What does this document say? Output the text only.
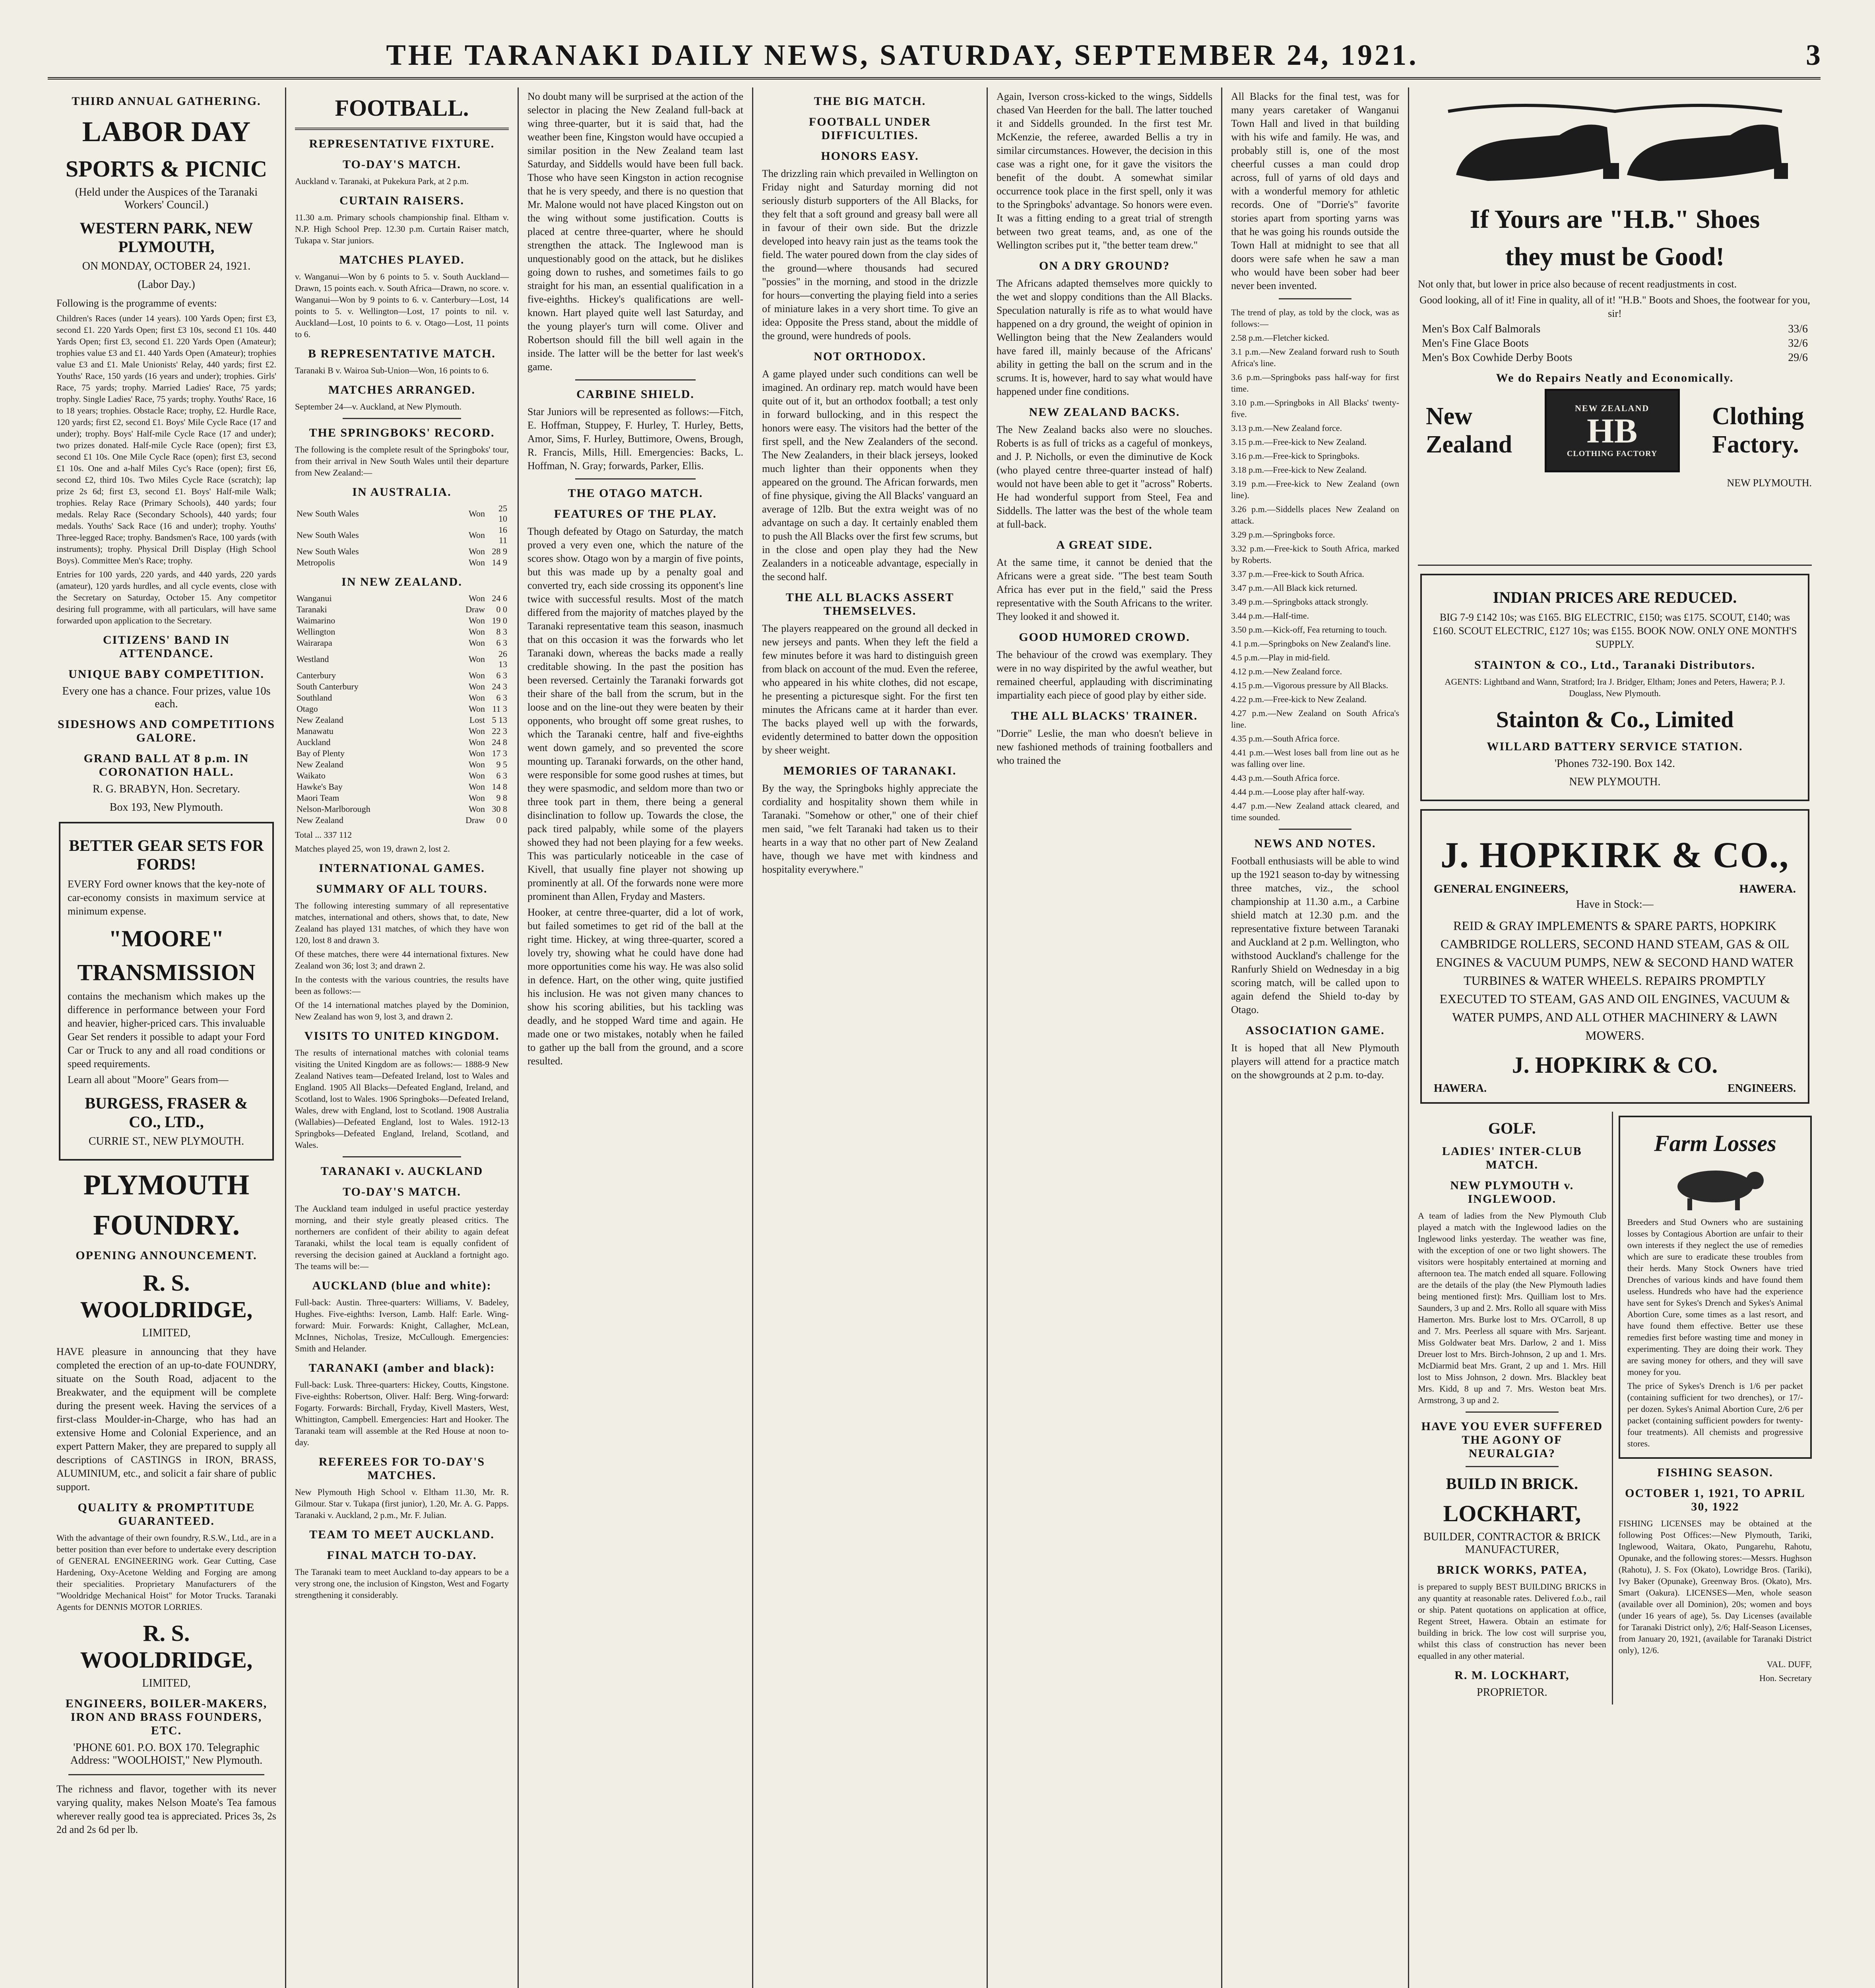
THE TARANAKI DAILY NEWS, SATURDAY, SEPTEMBER 24, 1921.	3
THIRD ANNUAL GATHERING.
LABOR DAY
SPORTS & PICNIC
(Held under the Auspices of the Taranaki Workers' Council.)
WESTERN PARK, NEW PLYMOUTH,
ON MONDAY, OCTOBER 24, 1921.
(Labor Day.)
Following is the programme of events:
Children's Races (under 14 years). 100 Yards Open; first £3, second £1. 220 Yards Open; first £3 10s, second £1 10s. 440 Yards Open; first £3, second £1. 220 Yards Open (Amateur); trophies value £3 and £1. 440 Yards Open (Amateur); trophies value £3 and £1. Male Unionists' Relay, 440 yards; first £2. Youths' Race, 150 yards (16 years and under); trophies. Girls' Race, 75 yards; trophy. Married Ladies' Race, 75 yards; trophy. Single Ladies' Race, 75 yards; trophy. Youths' Race, 16 to 18 years; trophies. Obstacle Race; trophy, £2. Hurdle Race, 120 yards; first £2, second £1. Boys' Mile Cycle Race (17 and under); trophy. Boys' Half-mile Cycle Race (17 and under); two prizes donated. Half-mile Cycle Race (open); first £3, second £1 10s. One Mile Cycle Race (open); first £3, second £1 10s. One and a-half Miles Cyc's Race (open); first £6, second £2, third 10s. Two Miles Cycle Race (scratch); lap prize 2s 6d; first £3, second £1. Boys' Half-mile Walk; trophies. Relay Race (Primary Schools), 440 yards; four medals. Relay Race (Secondary Schools), 440 yards; four medals. Youths' Sack Race (16 and under); trophy. Youths' Three-legged Race; trophy. Bandsmen's Race, 100 yards (with instruments); trophy. Physical Drill Display (High School Boys). Committee Men's Race; trophy.
Entries for 100 yards, 220 yards, and 440 yards, 220 yards (amateur), 120 yards hurdles, and all cycle events, close with the Secretary on Saturday, October 15. Any competitor desiring full programme, with all particulars, will have same forwarded upon application to the Secretary.
CITIZENS' BAND IN ATTENDANCE.
UNIQUE BABY COMPETITION.
Every one has a chance. Four prizes, value 10s each.
SIDESHOWS AND COMPETITIONS GALORE.
GRAND BALL AT 8 p.m. IN CORONATION HALL.
R. G. BRABYN, Hon. Secretary.
Box 193, New Plymouth.
BETTER GEAR SETS FOR FORDS!
EVERY Ford owner knows that the key-note of car-economy consists in maximum service at minimum expense.
"MOORE"
TRANSMISSION
contains the mechanism which makes up the difference in performance between your Ford and heavier, higher-priced cars. This invaluable Gear Set renders it possible to adapt your Ford Car or Truck to any and all road conditions or speed requirements.
Learn all about "Moore" Gears from—
BURGESS, FRASER & CO., LTD.,
CURRIE ST., NEW PLYMOUTH.
PLYMOUTH
FOUNDRY.
OPENING ANNOUNCEMENT.
R. S. WOOLDRIDGE,
LIMITED,
HAVE pleasure in announcing that they have completed the erection of an up-to-date FOUNDRY, situate on the South Road, adjacent to the Breakwater, and the equipment will be complete during the present week. Having the services of a first-class Moulder-in-Charge, who has had an extensive Home and Colonial Experience, and an expert Pattern Maker, they are prepared to supply all descriptions of CASTINGS in IRON, BRASS, ALUMINIUM, etc., and solicit a fair share of public support.
QUALITY & PROMPTITUDE GUARANTEED.
With the advantage of their own foundry, R.S.W., Ltd., are in a better position than ever before to undertake every description of GENERAL ENGINEERING work. Gear Cutting, Case Hardening, Oxy-Acetone Welding and Forging are among their specialities. Proprietary Manufacturers of the "Wooldridge Mechanical Hoist" for Motor Trucks. Taranaki Agents for DENNIS MOTOR LORRIES.
R. S. WOOLDRIDGE,
LIMITED,
ENGINEERS, BOILER-MAKERS, IRON AND BRASS FOUNDERS, ETC.
'PHONE 601. P.O. BOX 170. Telegraphic Address: "WOOLHOIST," New Plymouth.
The richness and flavor, together with its never varying quality, makes Nelson Moate's Tea famous wherever really good tea is appreciated. Prices 3s, 2s 2d and 2s 6d per lb.
FOOTBALL.
REPRESENTATIVE FIXTURE.
TO-DAY'S MATCH.
Auckland v. Taranaki, at Pukekura Park, at 2 p.m.
CURTAIN RAISERS.
11.30 a.m. Primary schools championship final. Eltham v. N.P. High School Prep. 12.30 p.m. Curtain Raiser match, Tukapa v. Star juniors.
MATCHES PLAYED.
v. Wanganui—Won by 6 points to 5. v. South Auckland—Drawn, 15 points each. v. South Africa—Drawn, no score. v. Wanganui—Won by 9 points to 6. v. Canterbury—Lost, 14 points to 5. v. Wellington—Lost, 17 points to nil. v. Auckland—Lost, 10 points to 6. v. Otago—Lost, 11 points to 6.
B REPRESENTATIVE MATCH.
Taranaki B v. Wairoa Sub-Union—Won, 16 points to 6.
MATCHES ARRANGED.
September 24—v. Auckland, at New Plymouth.
THE SPRINGBOKS' RECORD.
The following is the complete result of the Springboks' tour, from their arrival in New South Wales until their departure from New Zealand:—
IN AUSTRALIA.
New South Wales	Won	25 10
New South Wales	Won	16 11
New South Wales	Won	28 9
Metropolis	Won	14 9
IN NEW ZEALAND.
Wanganui	Won	24 6
Taranaki	Draw	0 0
Waimarino	Won	19 0
Wellington	Won	8 3
Wairarapa	Won	6 3
Westland	Won	26 13
Canterbury	Won	6 3
South Canterbury	Won	24 3
Southland	Won	6 3
Otago	Won	11 3
New Zealand	Lost	5 13
Manawatu	Won	22 3
Auckland	Won	24 8
Bay of Plenty	Won	17 3
New Zealand	Won	9 5
Waikato	Won	6 3
Hawke's Bay	Won	14 8
Maori Team	Won	9 8
Nelson-Marlborough	Won	30 8
New Zealand	Draw	0 0
Total ... 337 112
Matches played 25, won 19, drawn 2, lost 2.
INTERNATIONAL GAMES.
SUMMARY OF ALL TOURS.
The following interesting summary of all representative matches, international and others, shows that, to date, New Zealand has played 131 matches, of which they have won 120, lost 8 and drawn 3.
Of these matches, there were 44 international fixtures. New Zealand won 36; lost 3; and drawn 2.
In the contests with the various countries, the results have been as follows:—
Of the 14 international matches played by the Dominion, New Zealand has won 9, lost 3, and drawn 2.
VISITS TO UNITED KINGDOM.
The results of international matches with colonial teams visiting the United Kingdom are as follows:— 1888-9 New Zealand Natives team—Defeated Ireland, lost to Wales and England. 1905 All Blacks—Defeated England, Ireland, and Scotland, lost to Wales. 1906 Springboks—Defeated Ireland, Wales, drew with England, lost to Scotland. 1908 Australia (Wallabies)—Defeated England, lost to Wales. 1912-13 Springboks—Defeated England, Ireland, Scotland, and Wales.
TARANAKI v. AUCKLAND
TO-DAY'S MATCH.
The Auckland team indulged in useful practice yesterday morning, and their style greatly pleased critics. The northerners are confident of their ability to again defeat Taranaki, whilst the local team is equally confident of reversing the decision gained at Auckland a fortnight ago. The teams will be:—
AUCKLAND (blue and white):
Full-back: Austin. Three-quarters: Williams, V. Badeley, Hughes. Five-eighths: Iverson, Lamb. Half: Earle. Wing-forward: Muir. Forwards: Knight, Callagher, McLean, McInnes, Nicholas, Tresize, McCullough. Emergencies: Smith and Helander.
TARANAKI (amber and black):
Full-back: Lusk. Three-quarters: Hickey, Coutts, Kingstone. Five-eighths: Robertson, Oliver. Half: Berg. Wing-forward: Fogarty. Forwards: Birchall, Fryday, Kivell Masters, West, Whittington, Campbell. Emergencies: Hart and Hooker. The Taranaki team will assemble at the Red House at noon to-day.
REFEREES FOR TO-DAY'S MATCHES.
New Plymouth High School v. Eltham 11.30, Mr. R. Gilmour. Star v. Tukapa (first junior), 1.20, Mr. A. G. Papps. Taranaki v. Auckland, 2 p.m., Mr. F. Julian.
TEAM TO MEET AUCKLAND.
FINAL MATCH TO-DAY.
The Taranaki team to meet Auckland to-day appears to be a very strong one, the inclusion of Kingston, West and Fogarty strengthening it considerably.
No doubt many will be surprised at the action of the selector in placing the New Zealand full-back at wing three-quarter, but it is said that, had the weather been fine, Kingston would have occupied a similar position in the New Zealand team last Saturday, and Siddells would have been full back. Those who have seen Kingston in action recognise that he is very speedy, and there is no question that Mr. Malone would not have placed Kingston out on the wing without some justification. Coutts is placed at centre three-quarter, where he should strengthen the attack. The Inglewood man is unquestionably good on the attack, but he dislikes going down to rushes, and sometimes fails to go straight for his man, an essential qualification in a five-eighths. Hickey's qualifications are well-known. Hart played quite well last Saturday, and the young player's turn will come. Oliver and Robertson should fill the bill well again in the inside. The latter will be the better for last week's game.
CARBINE SHIELD.
Star Juniors will be represented as follows:—Fitch, E. Hoffman, Stuppey, F. Hurley, T. Hurley, Betts, Amor, Sims, F. Hurley, Buttimore, Owens, Brough, R. Francis, Mills, Hill. Emergencies: Backs, L. Hoffman, N. Gray; forwards, Parker, Ellis.
THE OTAGO MATCH.
FEATURES OF THE PLAY.
Though defeated by Otago on Saturday, the match proved a very even one, which the nature of the scores show. Otago won by a margin of five points, but this was made up by a penalty goal and converted try, each side crossing its opponent's line twice with successful results. Most of the match differed from the majority of matches played by the Taranaki representative team this season, inasmuch that on this occasion it was the forwards who let Taranaki down, whereas the backs made a really creditable showing. In the past the position has been reversed. Certainly the Taranaki forwards got their share of the ball from the scrum, but in the loose and on the line-out they were beaten by their opponents, who brought off some great rushes, to which the Taranaki centre, half and five-eighths went down gamely, and so prevented the score mounting up. Taranaki forwards, on the other hand, were responsible for some good rushes at times, but they were spasmodic, and seldom more than two or three took part in them, there being a general disinclination to follow up. Towards the close, the pack tired palpably, while some of the players showed they had not been playing for a few weeks. This was particularly noticeable in the case of Kivell, that usually fine player not showing up prominently at all. Of the forwards none were more prominent than Allen, Fryday and Masters.
Hooker, at centre three-quarter, did a lot of work, but failed sometimes to get rid of the ball at the right time. Hickey, at wing three-quarter, scored a lovely try, showing what he could have done had more opportunities come his way. He was also solid in defence. Hart, on the other wing, quite justified his inclusion. He was not given many chances to show his scoring abilities, but his tackling was deadly, and he stopped Ward time and again. He made one or two mistakes, notably when he failed to gather up the ball from the ground, and a score resulted.
THE BIG MATCH.
FOOTBALL UNDER DIFFICULTIES.
HONORS EASY.
The drizzling rain which prevailed in Wellington on Friday night and Saturday morning did not seriously disturb supporters of the All Blacks, for they felt that a soft ground and greasy ball were all in favour of their own side. But the drizzle developed into heavy rain just as the teams took the field. The water poured down from the clay sides of the ground—where thousands had secured "possies" in the morning, and stood in the drizzle for hours—converting the playing field into a series of miniature lakes in a very short time. To give an idea: Opposite the Press stand, about the middle of the ground, were hundreds of pools.
NOT ORTHODOX.
A game played under such conditions can well be imagined. An ordinary rep. match would have been quite out of it, but an orthodox football; a test only in forward bullocking, and in this respect the honors were easy. The visitors had the better of the first spell, and the New Zealanders of the second. The New Zealanders, in their black jerseys, looked much lighter than their opponents when they appeared on the ground. The African forwards, men of fine physique, giving the All Blacks' vanguard an average of 12lb. But the extra weight was of no advantage on such a day. It certainly enabled them to push the All Blacks over the first few scrums, but in the close and open play they had the New Zealanders in a noticeable advantage, especially in the second half.
THE ALL BLACKS ASSERT THEMSELVES.
The players reappeared on the ground all decked in new jerseys and pants. When they left the field a few minutes before it was hard to distinguish green from black on account of the mud. Even the referee, who appeared in his white clothes, did not escape, he presenting a picturesque sight. For the first ten minutes the Africans came at it harder than ever. The backs played well up with the forwards, evidently determined to batter down the opposition by sheer weight.
MEMORIES OF TARANAKI.
By the way, the Springboks highly appreciate the cordiality and hospitality shown them while in Taranaki. "Somehow or other," one of their chief men said, "we felt Taranaki had taken us to their hearts in a way that no other part of New Zealand have, though we have met with kindness and hospitality everywhere."
Again, Iverson cross-kicked to the wings, Siddells chased Van Heerden for the ball. The latter touched it and Siddells grounded. In the first test Mr. McKenzie, the referee, awarded Bellis a try in similar circumstances. However, the decision in this case was a right one, for it gave the visitors the benefit of the doubt. A somewhat similar occurrence took place in the first spell, only it was to the Springboks' advantage. So honors were even. It was a fitting ending to a great trial of strength between two great teams, and, as one of the Wellington scribes put it, "the better team drew."
ON A DRY GROUND?
The Africans adapted themselves more quickly to the wet and sloppy conditions than the All Blacks. Speculation naturally is rife as to what would have happened on a dry ground, the weight of opinion in Wellington being that the New Zealanders would have fared ill, mainly because of the Africans' ability in getting the ball on the scrum and in the scrums. It is, however, hard to say what would have happened under fine conditions.
NEW ZEALAND BACKS.
The New Zealand backs also were no slouches. Roberts is as full of tricks as a cageful of monkeys, and J. P. Nicholls, or even the diminutive de Kock (who played centre three-quarter instead of half) would not have been able to get it "across" Roberts. He had wonderful support from Steel, Fea and Siddells. The latter was the best of the whole team at full-back.
A GREAT SIDE.
At the same time, it cannot be denied that the Africans were a great side. "The best team South Africa has ever put in the field," said the Press representative with the South Africans to the writer. They looked it and showed it.
GOOD HUMORED CROWD.
The behaviour of the crowd was exemplary. They were in no way dispirited by the awful weather, but remained cheerful, applauding with discriminating impartiality each piece of good play by either side.
THE ALL BLACKS' TRAINER.
"Dorrie" Leslie, the man who doesn't believe in new fashioned methods of training footballers and who trained the
All Blacks for the final test, was for many years caretaker of Wanganui Town Hall and lived in that building with his wife and family. He was, and probably still is, one of the most cheerful cusses a man could drop across, full of yarns of old days and with a wonderful memory for athletic records. One of "Dorrie's" favorite stories apart from sporting yarns was that he was going his rounds outside the Town Hall at midnight to see that all doors were safe when he saw a man who would have been sober had beer never been invented.
The trend of play, as told by the clock, was as follows:—
2.58 p.m.—Fletcher kicked.
3.1 p.m.—New Zealand forward rush to South Africa's line.
3.6 p.m.—Springboks pass half-way for first time.
3.10 p.m.—Springboks in All Blacks' twenty-five.
3.13 p.m.—New Zealand force.
3.15 p.m.—Free-kick to New Zealand.
3.16 p.m.—Free-kick to Springboks.
3.18 p.m.—Free-kick to New Zealand.
3.19 p.m.—Free-kick to New Zealand (own line).
3.26 p.m.—Siddells places New Zealand on attack.
3.29 p.m.—Springboks force.
3.32 p.m.—Free-kick to South Africa, marked by Roberts.
3.37 p.m.—Free-kick to South Africa.
3.47 p.m.—All Black kick returned.
3.49 p.m.—Springboks attack strongly.
3.44 p.m.—Half-time.
3.50 p.m.—Kick-off, Fea returning to touch.
4.1 p.m.—Springboks on New Zealand's line.
4.5 p.m.—Play in mid-field.
4.12 p.m.—New Zealand force.
4.15 p.m.—Vigorous pressure by All Blacks.
4.22 p.m.—Free-kick to New Zealand.
4.27 p.m.—New Zealand on South Africa's line.
4.35 p.m.—South Africa force.
4.41 p.m.—West loses ball from line out as he was falling over line.
4.43 p.m.—South Africa force.
4.44 p.m.—Loose play after half-way.
4.47 p.m.—New Zealand attack cleared, and time sounded.
NEWS AND NOTES.
Football enthusiasts will be able to wind up the 1921 season to-day by witnessing three matches, viz., the school championship at 11.30 a.m., a Carbine shield match at 12.30 p.m. and the representative fixture between Taranaki and Auckland at 2 p.m. Wellington, who withstood Auckland's challenge for the Ranfurly Shield on Wednesday in a big scoring match, will be called upon to again defend the Shield to-day by Otago.
ASSOCIATION GAME.
It is hoped that all New Plymouth players will attend for a practice match on the showgrounds at 2 p.m. to-day.
If Yours are "H.B." Shoes
they must be Good!
Not only that, but lower in price also because of recent readjustments in cost.
Good looking, all of it! Fine in quality, all of it! "H.B." Boots and Shoes, the footwear for you, sir!
Men's Box Calf Balmorals	33/6
Men's Fine Glace Boots	32/6
Men's Box Cowhide Derby Boots	29/6
We do Repairs Neatly and Economically.
New
Zealand
NEW ZEALAND
HB
CLOTHING FACTORY
Clothing
Factory.
NEW PLYMOUTH.
INDIAN PRICES ARE REDUCED.
BIG 7-9 £142 10s; was £165. BIG ELECTRIC, £150; was £175. SCOUT, £140; was £160. SCOUT ELECTRIC, £127 10s; was £155. BOOK NOW. ONLY ONE MONTH'S SUPPLY.
STAINTON & CO., Ltd., Taranaki Distributors.
AGENTS: Lightband and Wann, Stratford; Ira J. Bridger, Eltham; Jones and Peters, Hawera; P. J. Douglass, New Plymouth.
Stainton & Co., Limited
WILLARD BATTERY SERVICE STATION.
'Phones 732-190. Box 142.
NEW PLYMOUTH.
J. HOPKIRK & CO.,
GENERAL ENGINEERS,	HAWERA.
Have in Stock:—
REID & GRAY IMPLEMENTS & SPARE PARTS, HOPKIRK CAMBRIDGE ROLLERS, SECOND HAND STEAM, GAS & OIL ENGINES & VACUUM PUMPS, NEW & SECOND HAND WATER TURBINES & WATER WHEELS. REPAIRS PROMPTLY EXECUTED TO STEAM, GAS AND OIL ENGINES, VACUUM & WATER PUMPS, AND ALL OTHER MACHINERY & LAWN MOWERS.
J. HOPKIRK & CO.
HAWERA.	ENGINEERS.
GOLF.
LADIES' INTER-CLUB MATCH.
NEW PLYMOUTH v. INGLEWOOD.
A team of ladies from the New Plymouth Club played a match with the Inglewood ladies on the Inglewood links yesterday. The weather was fine, with the exception of one or two light showers. The visitors were hospitably entertained at morning and afternoon tea. The match ended all square. Following are the details of the play (the New Plymouth ladies being mentioned first): Mrs. Quilliam lost to Mrs. Saunders, 3 up and 2. Mrs. Rollo all square with Miss Hamerton. Mrs. Burke lost to Mrs. O'Carroll, 8 up and 7. Mrs. Peerless all square with Mrs. Sarjeant. Miss Goldwater beat Mrs. Darlow, 2 and 1. Miss Dreuer lost to Mrs. Birch-Johnson, 2 up and 1. Mrs. McDiarmid beat Mrs. Grant, 2 up and 1. Mrs. Hill lost to Miss Johnson, 2 down. Mrs. Blackley beat Mrs. Kidd, 8 up and 7. Mrs. Weston beat Mrs. Armstrong, 3 up and 2.
HAVE YOU EVER SUFFERED THE AGONY OF NEURALGIA?
BUILD IN BRICK.
LOCKHART,
BUILDER, CONTRACTOR & BRICK MANUFACTURER,
BRICK WORKS, PATEA,
is prepared to supply BEST BUILDING BRICKS in any quantity at reasonable rates. Delivered f.o.b., rail or ship. Patent quotations on application at office, Regent Street, Hawera. Obtain an estimate for building in brick. The low cost will surprise you, whilst this class of construction has never been equalled in any other material.
R. M. LOCKHART,
PROPRIETOR.
Farm Losses
Breeders and Stud Owners who are sustaining losses by Contagious Abortion are unfair to their own interests if they neglect the use of remedies which are sure to eradicate these troubles from their herds. Many Stock Owners have tried Drenches of various kinds and have found them useless. Hundreds who have had the experience have sent for Sykes's Drench and Sykes's Animal Abortion Cure, some times as a last resort, and have found them effective. Better use these remedies first before wasting time and money in experimenting. They are doing their work. They are saving money for others, and they will save money for you.
The price of Sykes's Drench is 1/6 per packet (containing sufficient for two drenches), or 17/- per dozen. Sykes's Animal Abortion Cure, 2/6 per packet (containing sufficient powders for twenty-four treatments). All chemists and progressive stores.
FISHING SEASON.
OCTOBER 1, 1921, TO APRIL 30, 1922
FISHING LICENSES may be obtained at the following Post Offices:—New Plymouth, Tariki, Inglewood, Waitara, Okato, Pungarehu, Rahotu, Opunake, and the following stores:—Messrs. Hughson (Rahotu), J. S. Fox (Okato), Lowridge Bros. (Tariki), Ivy Baker (Opunake), Greenway Bros. (Okato), Mrs. Smart (Oakura). LICENSES—Men, whole season (available over all Dominion), 20s; women and boys (under 16 years of age), 5s. Day Licenses (available for Taranaki District only), 2/6; Half-Season Licenses, from January 20, 1921, (available for Taranaki District only), 12/6.
VAL. DUFF,
Hon. Secretary
